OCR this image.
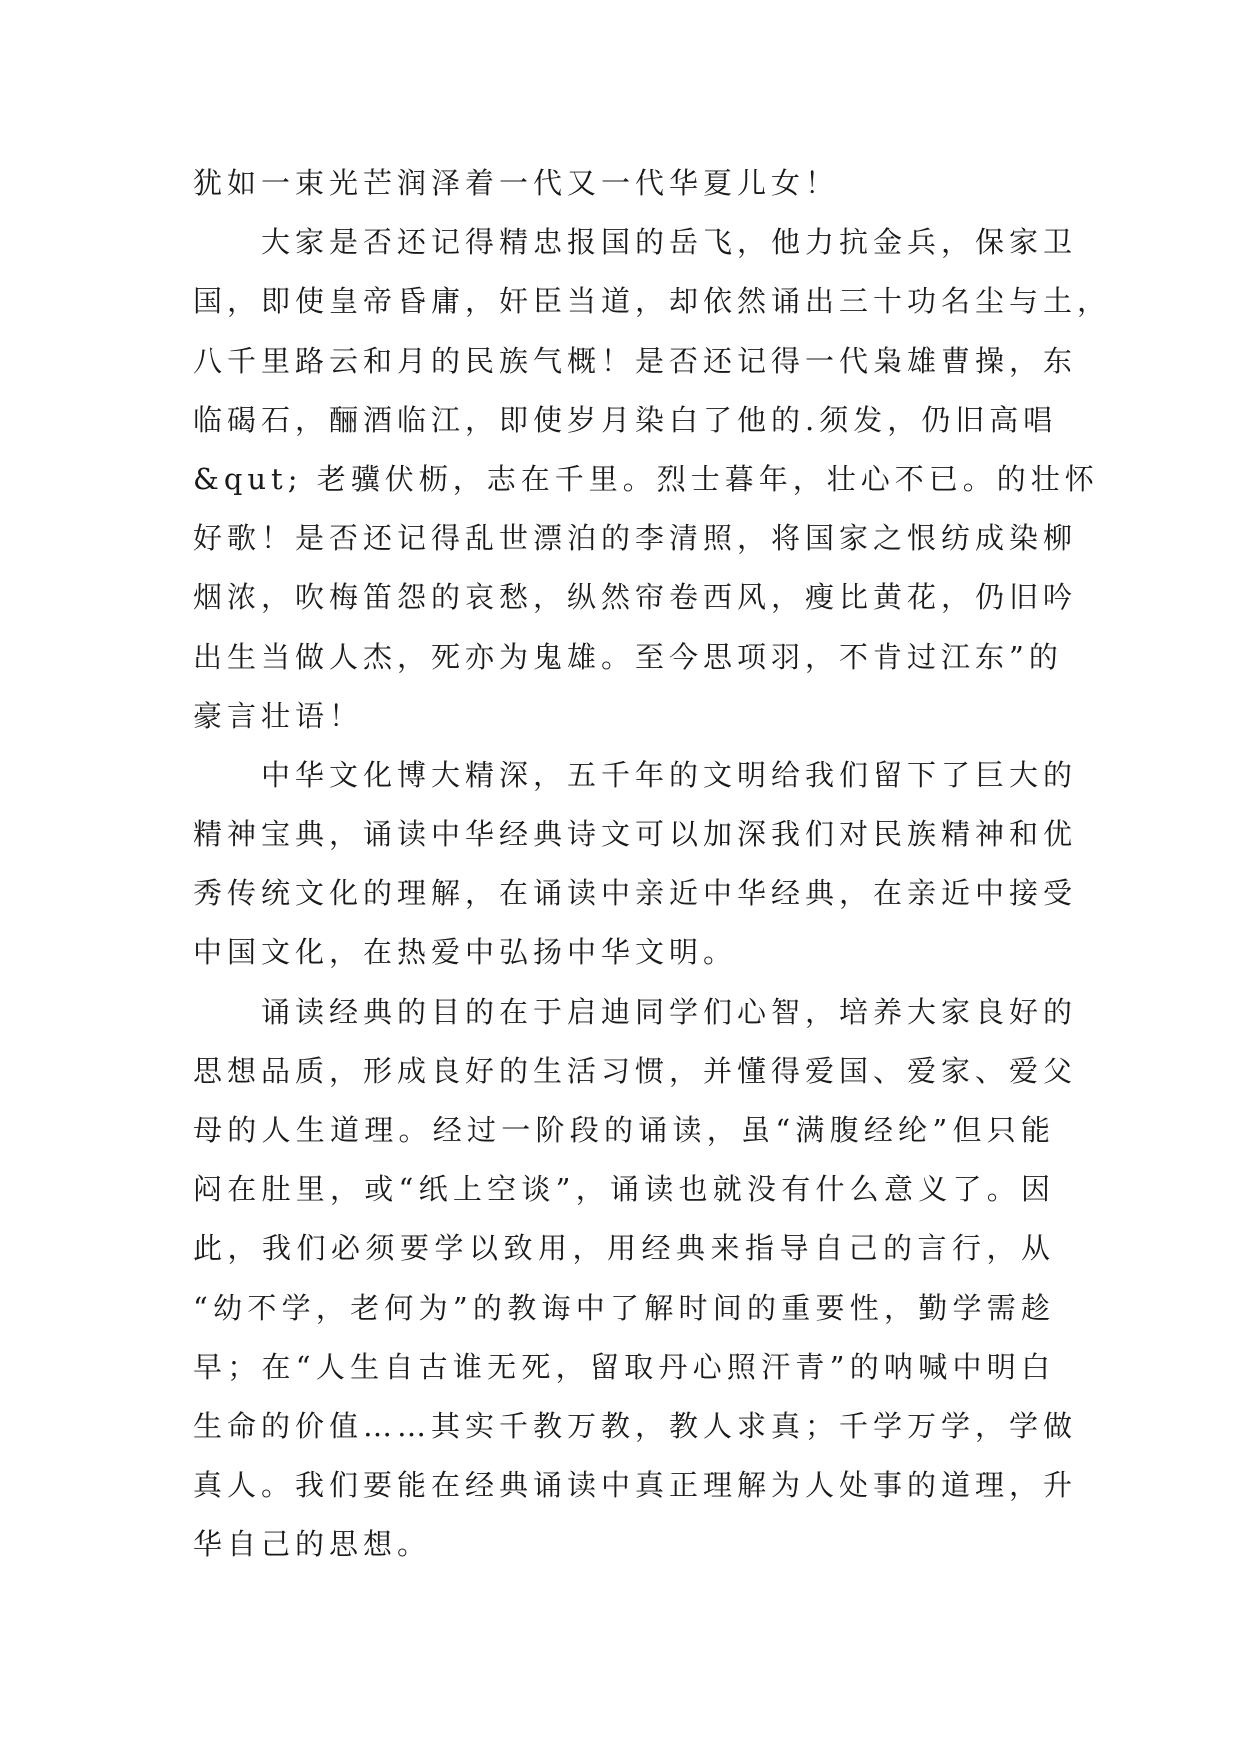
犹如一束光芒润泽着一代又一代华夏儿女！
大家是否还记得精忠报国的岳飞，他力抗金兵，保家卫
国，即使皇帝昏庸，奸臣当道，却依然诵出三十功名尘与土，
八千里路云和月的民族气概！是否还记得一代枭雄曹操，东
临碣石，酾酒临江，即使岁月染白了他的.须发，仍旧高唱
&qut; 老骥伏枥，志在千里。烈士暮年，壮心不已。的壮怀
好歌！是否还记得乱世漂泊的李清照，将国家之恨纺成染柳
烟浓，吹梅笛怨的哀愁，纵然帘卷西风，瘦比黄花，仍旧吟
出生当做人杰，死亦为鬼雄。至今思项羽，不肯过江东”的
豪言壮语！
中华文化博大精深，五千年的文明给我们留下了巨大的
精神宝典，诵读中华经典诗文可以加深我们对民族精神和优
秀传统文化的理解，在诵读中亲近中华经典，在亲近中接受
中国文化，在热爱中弘扬中华文明。
诵读经典的目的在于启迪同学们心智，培养大家良好的
思想品质，形成良好的生活习惯，并懂得爱国、爱家、爱父
母的人生道理。经过一阶段的诵读，虽“满腹经纶”但只能
闷在肚里，或“纸上空谈”，诵读也就没有什么意义了。因
此，我们必须要学以致用，用经典来指导自己的言行，从
“幼不学，老何为”的教诲中了解时间的重要性，勤学需趁
早；在“人生自古谁无死，留取丹心照汗青”的呐喊中明白
生命的价值……其实千教万教，教人求真；千学万学，学做
真人。我们要能在经典诵读中真正理解为人处事的道理，升
华自己的思想。
